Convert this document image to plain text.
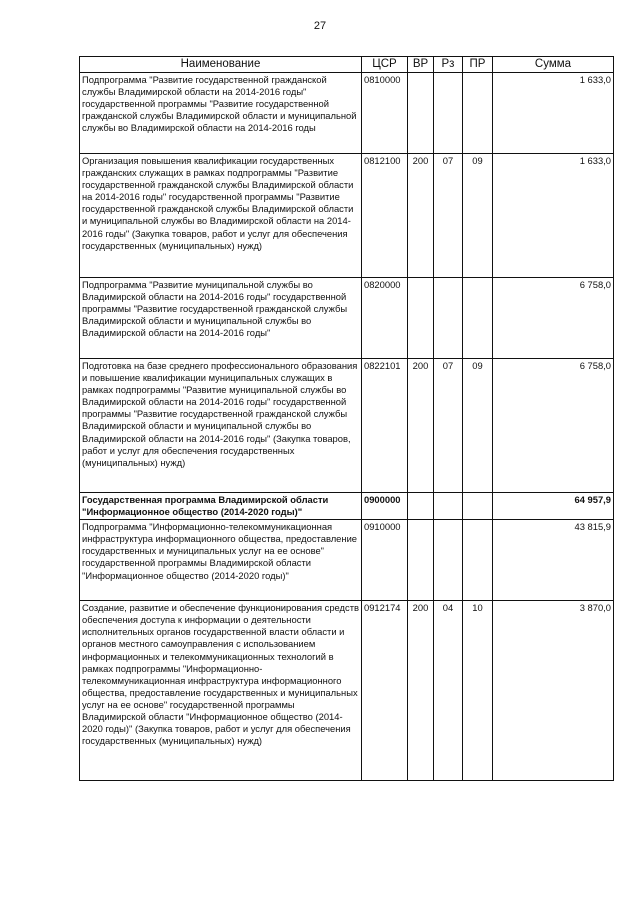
27
Наименование	ЦСР	ВР	Рз	ПР	Сумма
Подпрограмма "Развитие государственной гражданской службы Владимирской области на 2014-2016 годы" государственной программы "Развитие государственной гражданской службы Владимирской области и муниципальной службы во Владимирской области на 2014-2016 годы	0810000				1 633,0
Организация повышения квалификации государственных гражданских служащих в рамках подпрограммы "Развитие государственной гражданской службы Владимирской области на 2014-2016 годы" государственной программы "Развитие государственной гражданской службы Владимирской области и муниципальной службы во Владимирской области на 2014-2016 годы" (Закупка товаров, работ и услуг для обеспечения государственных (муниципальных) нужд)	0812100	200	07	09	1 633,0
Подпрограмма "Развитие муниципальной службы во Владимирской области на 2014-2016 годы" государственной программы "Развитие государственной гражданской службы Владимирской области и муниципальной службы во Владимирской области на 2014-2016 годы"	0820000				6 758,0
Подготовка на базе среднего профессионального образования и повышение квалификации муниципальных служащих в рамках подпрограммы "Развитие муниципальной службы во Владимирской области на 2014-2016 годы" государственной программы "Развитие государственной гражданской службы Владимирской области и муниципальной службы во Владимирской области на 2014-2016 годы" (Закупка товаров, работ и услуг для обеспечения государственных (муниципальных) нужд)	0822101	200	07	09	6 758,0
Государственная программа Владимирской области "Информационное общество (2014-2020 годы)"	0900000				64 957,9
Подпрограмма "Информационно-телекоммуникационная инфраструктура информационного общества, предоставление государственных и муниципальных услуг на ее основе" государственной программы Владимирской области "Информационное общество (2014-2020 годы)"	0910000				43 815,9
Создание, развитие и обеспечение функционирования средств обеспечения доступа к информации о деятельности исполнительных органов государственной власти области и органов местного самоуправления с использованием информационных и телекоммуникационных технологий в рамках подпрограммы "Информационно-телекоммуникационная инфраструктура информационного общества, предоставление государственных и муниципальных услуг на ее основе" государственной программы Владимирской области "Информационное общество (2014-2020 годы)" (Закупка товаров, работ и услуг для обеспечения государственных (муниципальных) нужд)	0912174	200	04	10	3 870,0
